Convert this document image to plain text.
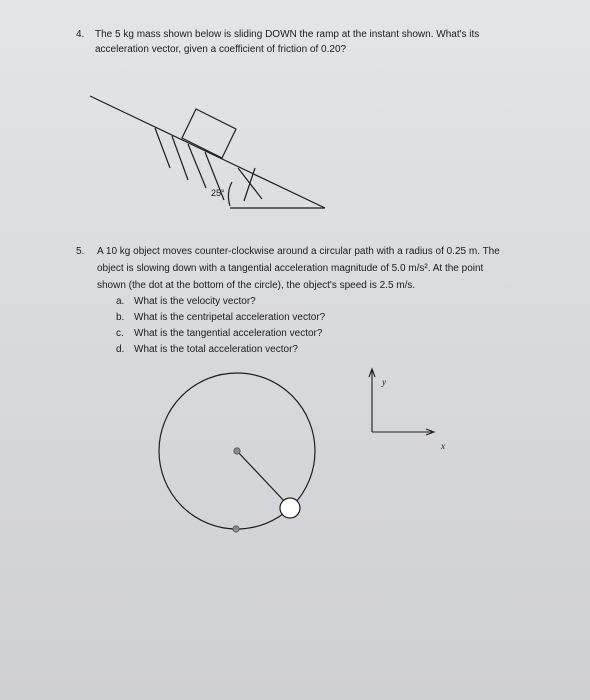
4. The 5 kg mass shown below is sliding DOWN the ramp at the instant shown. What's its
acceleration vector, given a coefficient of friction of 0.20?
5. A 10 kg object moves counter-clockwise around a circular path with a radius of 0.25 m. The
object is slowing down with a tangential acceleration magnitude of 5.0 m/s². At the point
shown (the dot at the bottom of the circle), the object's speed is 2.5 m/s.
a. What is the velocity vector?
b. What is the centripetal acceleration vector?
c. What is the tangential acceleration vector?
d. What is the total acceleration vector?
25°
y
x
